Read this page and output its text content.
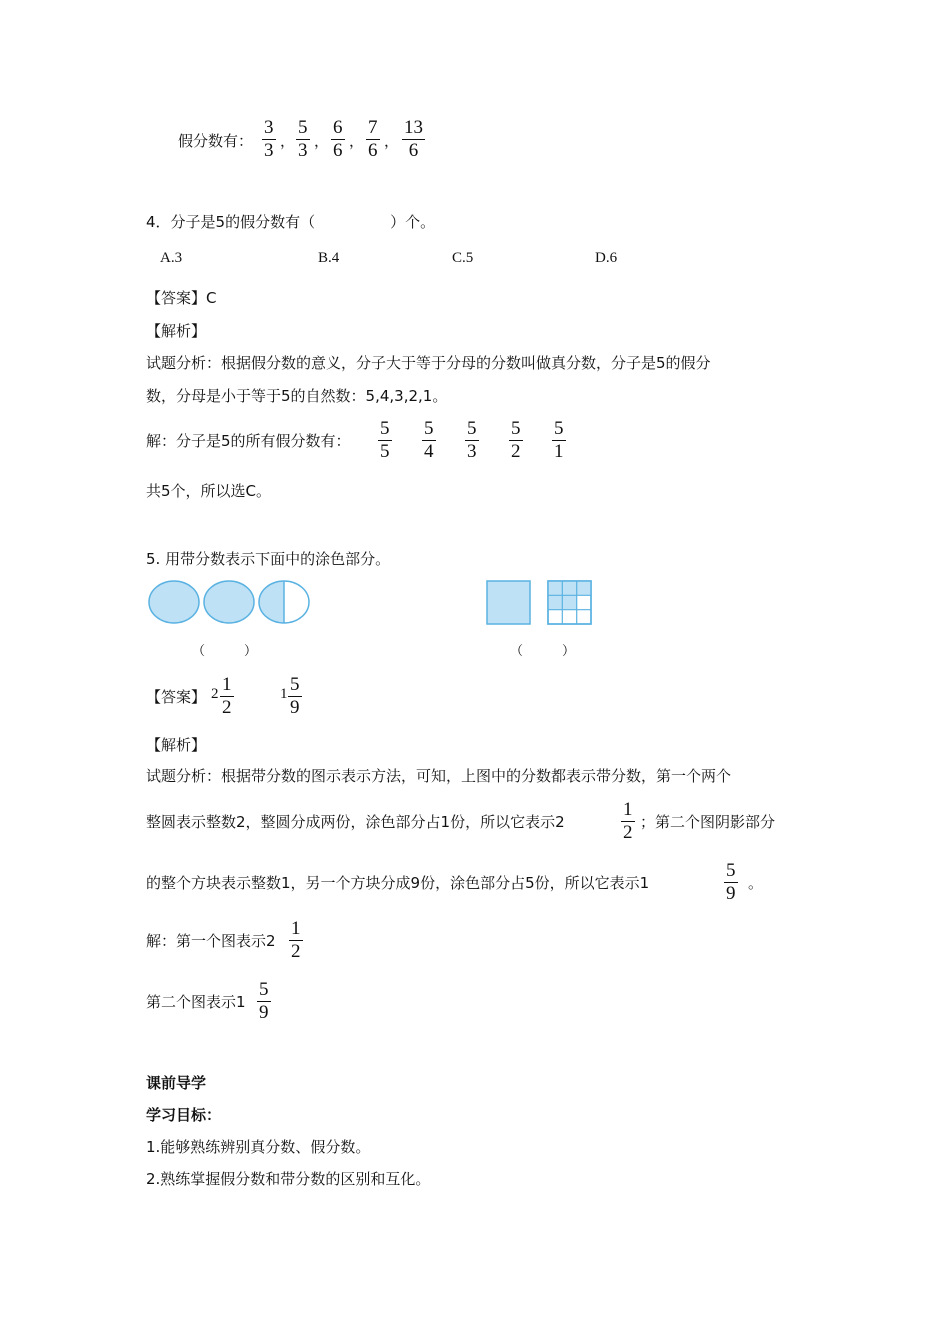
假分数有：
3
3 ，
5
3 ，
6
6 ，
7
6 ，
13
6
4．分子是5的假分数有（　　　　　）个。
A.3	B.4	C.5	D.6
【答案】C
【解析】
试题分析：根据假分数的意义，分子大于等于分母的分数叫做真分数，分子是5的假分
数，分母是小于等于5的自然数：5,4,3,2,1。
解：分子是5的所有假分数有：
5
5
5
4
5
3
5
2
5
1
共5个，所以选C。
5. 用带分数表示下面中的涂色部分。
（　　　）	（　　　）
【答案】 2 1
2
1 5
9
【解析】
试题分析：根据带分数的图示表示方法，可知，上图中的分数都表示带分数，第一个两个
整圆表示整数2，整圆分成两份，涂色部分占1份，所以它表示2
1
2 ；第二个图阴影部分
的整个方块表示整数1，另一个方块分成9份，涂色部分占5份，所以它表示1
5
9 。
解：第一个图表示2
1
2
第二个图表示1
5
9
课前导学
学习目标：
1.能够熟练辨别真分数、假分数。
2.熟练掌握假分数和带分数的区别和互化。
